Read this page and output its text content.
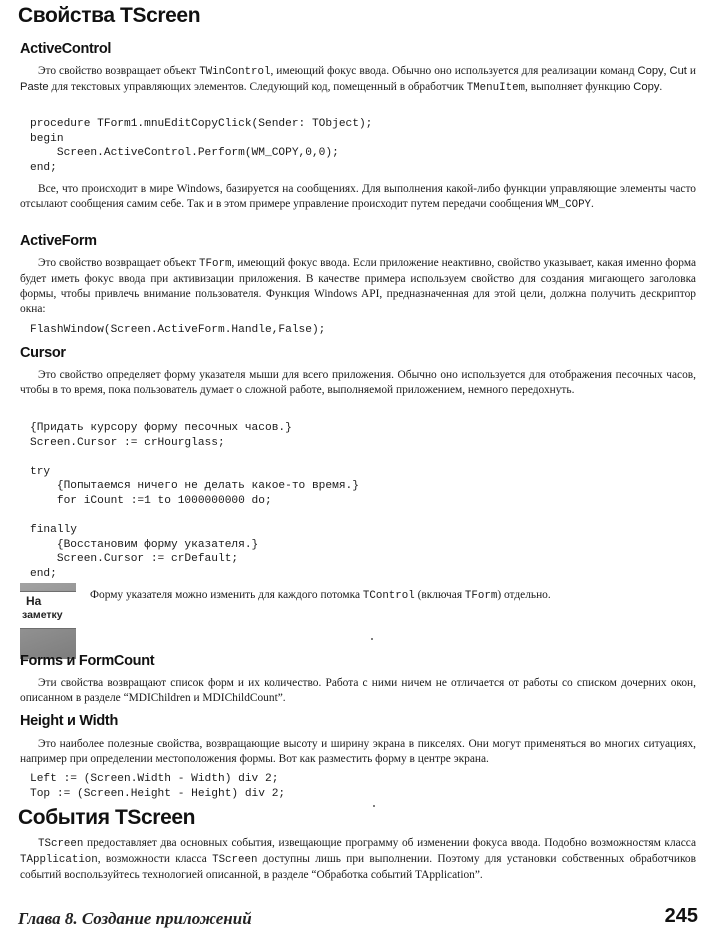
Свойства TScreen
ActiveControl

Это свойство возвращает объект TWinControl, имеющий фокус ввода. Обычно оно используется для реализации команд Copy, Cut и Paste для текстовых управляющих элементов. Следующий код, помещенный в обработчик TMenuItem, выполняет функцию Copy.

procedure TForm1.mnuEditCopyClick(Sender: TObject);
begin
Screen.ActiveControl.Perform(WM_COPY,0,0);
end;

Все, что происходит в мире Windows, базируется на сообщениях. Для выполнения какой-либо функции управляющие элементы часто отсылают сообщения самим себе. Так и в этом примере управление происходит путем передачи сообщения WM_COPY.

ActiveForm

Это свойство возвращает объект TForm, имеющий фокус ввода. Если приложение неактивно, свойство указывает, какая именно форма будет иметь фокус ввода при активизации приложения. В качестве примера используем свойство для создания мигающего заголовка формы, чтобы привлечь внимание пользователя. Функция Windows API, предназначенная для этой цели, должна получить дескриптор окна:

FlashWindow(Screen.ActiveForm.Handle,False);
Cursor

Это свойство определяет форму указателя мыши для всего приложения. Обычно оно используется для отображения песочных часов, чтобы в то время, пока пользователь думает о сложной работе, выполняемой приложением, немного передохнуть.

{Придать курсору форму песочных часов.}
Screen.Cursor := crHourglass;

try
{Попытаемся ничего не делать какое-то время.}
for iCount :=1 to 1000000000 do;

finally
{Восстановим форму указателя.}
Screen.Cursor := crDefault;
end;
На
заметку

Форму указателя можно изменить для каждого потомка TControl (включая TForm) отдельно.

Forms и FormCount

Эти свойства возвращают список форм и их количество. Работа с ними ничем не отличается от работы со списком дочерних окон, описанном в разделе “MDIChildren и MDIChildCount”.

Height и Width

Это наиболее полезные свойства, возвращающие высоту и ширину экрана в пикселях. Они могут применяться во многих ситуациях, например при определении местоположения формы. Вот как разместить форму в центре экрана.

Left := (Screen.Width - Width) div 2;
Top := (Screen.Height - Height) div 2;
События TScreen

TScreen предоставляет два основных события, извещающие программу об изменении фокуса ввода. Подобно возможностям класса TApplication, возможности класса TScreen доступны лишь при выполнении. Поэтому для установки собственных обработчиков событий воспользуйтесь технологией описанной, в разделе “Обработка событий TApplication”.

Глава 8. Создание приложений	245
